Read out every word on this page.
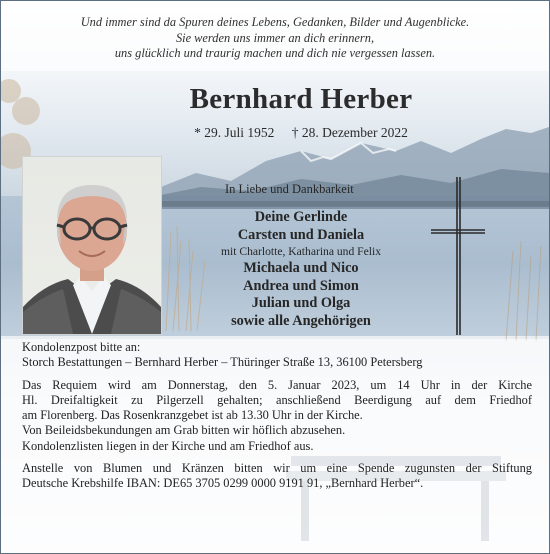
Und immer sind da Spuren deines Lebens, Gedanken, Bilder und Augenblicke.
Sie werden uns immer an dich erinnern,
uns glücklich und traurig machen und dich nie vergessen lassen.
Bernhard Herber
* 29. Juli 1952 † 28. Dezember 2022
In Liebe und Dankbarkeit
Deine Gerlinde
Carsten und Daniela
mit Charlotte, Katharina und Felix
Michaela und Nico
Andrea und Simon
Julian und Olga
sowie alle Angehörigen

Kondolenzpost bitte an:

Storch Bestattungen – Bernhard Herber – Thüringer Straße 13, 36100 Petersberg

Das Requiem wird am Donnerstag, den 5. Januar 2023, um 14 Uhr in der Kirche

Hl. Dreifaltigkeit zu Pilgerzell gehalten; anschließend Beerdigung auf dem Friedhof

am Florenberg. Das Rosenkranzgebet ist ab 13.30 Uhr in der Kirche.

Von Beileidsbekundungen am Grab bitten wir höflich abzusehen.

Kondolenzlisten liegen in der Kirche und am Friedhof aus.

Anstelle von Blumen und Kränzen bitten wir um eine Spende zugunsten der Stiftung

Deutsche Krebshilfe IBAN: DE65 3705 0299 0000 9191 91, „Bernhard Herber“.
